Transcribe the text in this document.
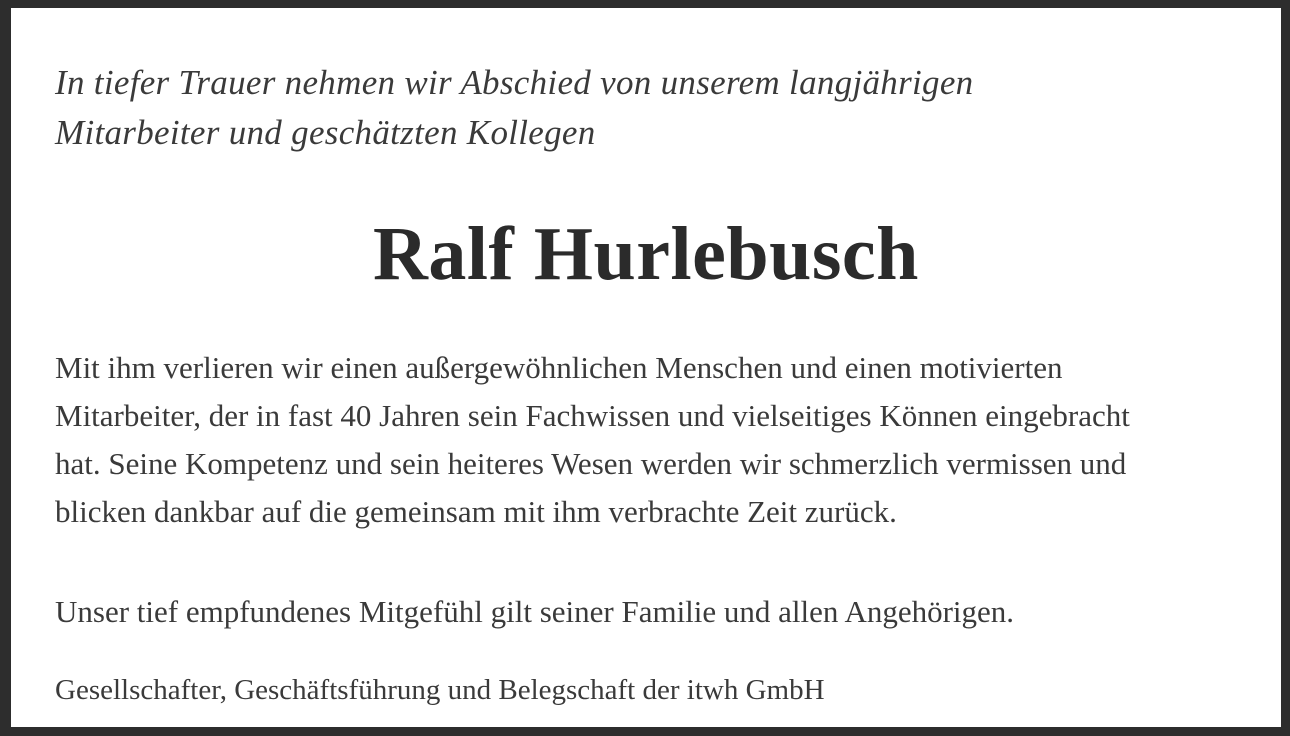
In tiefer Trauer nehmen wir Abschied von unserem langjährigen
Mitarbeiter und geschätzten Kollegen
Ralf Hurlebusch
Mit ihm verlieren wir einen außergewöhnlichen Menschen und einen motivierten
Mitarbeiter, der in fast 40 Jahren sein Fachwissen und vielseitiges Können eingebracht
hat. Seine Kompetenz und sein heiteres Wesen werden wir schmerzlich vermissen und
blicken dankbar auf die gemeinsam mit ihm verbrachte Zeit zurück.
Unser tief empfundenes Mitgefühl gilt seiner Familie und allen Angehörigen.
Gesellschafter, Geschäftsführung und Belegschaft der itwh GmbH
